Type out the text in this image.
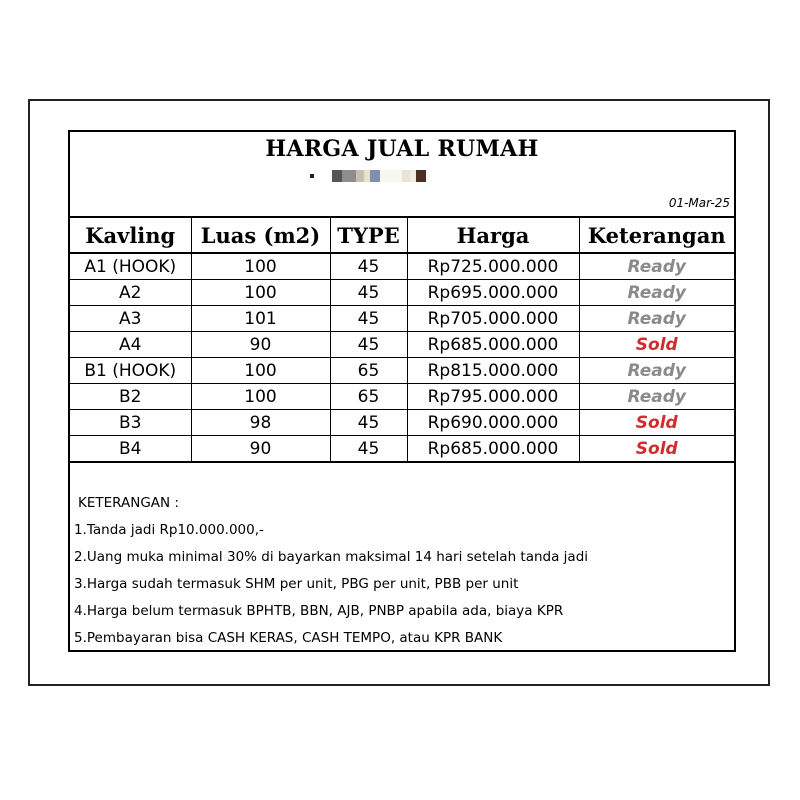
HARGA JUAL RUMAH
01-Mar-25
Kavling	Luas (m2)	TYPE	Harga	Keterangan
A1 (HOOK)	100	45	Rp725.000.000	Ready
A2	100	45	Rp695.000.000	Ready
A3	101	45	Rp705.000.000	Ready
A4	90	45	Rp685.000.000	Sold
B1 (HOOK)	100	65	Rp815.000.000	Ready
B2	100	65	Rp795.000.000	Ready
B3	98	45	Rp690.000.000	Sold
B4	90	45	Rp685.000.000	Sold
KETERANGAN :
1.Tanda jadi Rp10.000.000,-
2.Uang muka minimal 30% di bayarkan maksimal 14 hari setelah tanda jadi
3.Harga sudah termasuk SHM per unit, PBG per unit, PBB per unit
4.Harga belum termasuk BPHTB, BBN, AJB, PNBP apabila ada, biaya KPR
5.Pembayaran bisa CASH KERAS, CASH TEMPO, atau KPR BANK
